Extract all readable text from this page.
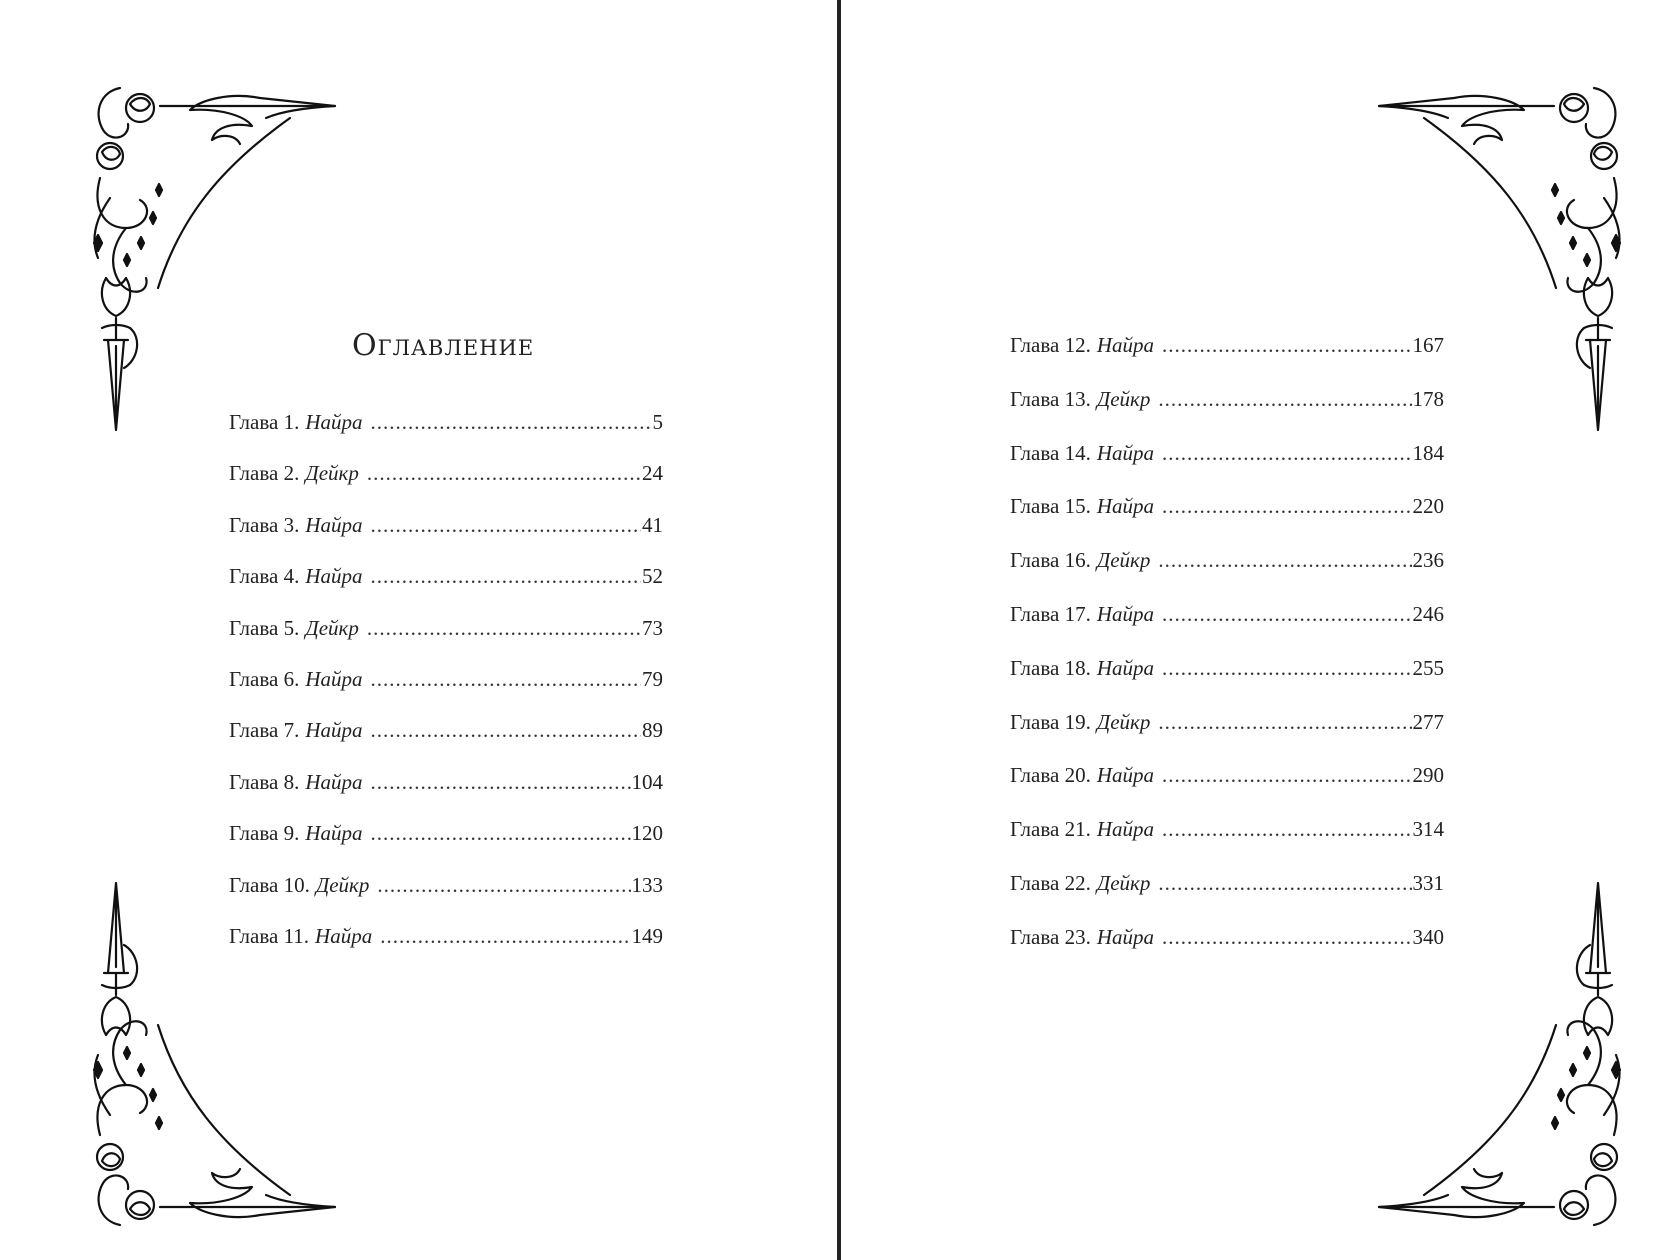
Оглавление
Глава 1. Найра .....	5
Глава 2. Дейкр .....	24
Глава 3. Найра .....	41
Глава 4. Найра .....	52
Глава 5. Дейкр .....	73
Глава 6. Найра .....	79
Глава 7. Найра .....	89
Глава 8. Найра .....	104
Глава 9. Найра .....	120
Глава 10. Дейкр .....	133
Глава 11. Найра .....	149
Глава 12. Найра .....	167
Глава 13. Дейкр .....	178
Глава 14. Найра .....	184
Глава 15. Найра .....	220
Глава 16. Дейкр .....	236
Глава 17. Найра .....	246
Глава 18. Найра .....	255
Глава 19. Дейкр .....	277
Глава 20. Найра .....	290
Глава 21. Найра .....	314
Глава 22. Дейкр .....	331
Глава 23. Найра .....	340
